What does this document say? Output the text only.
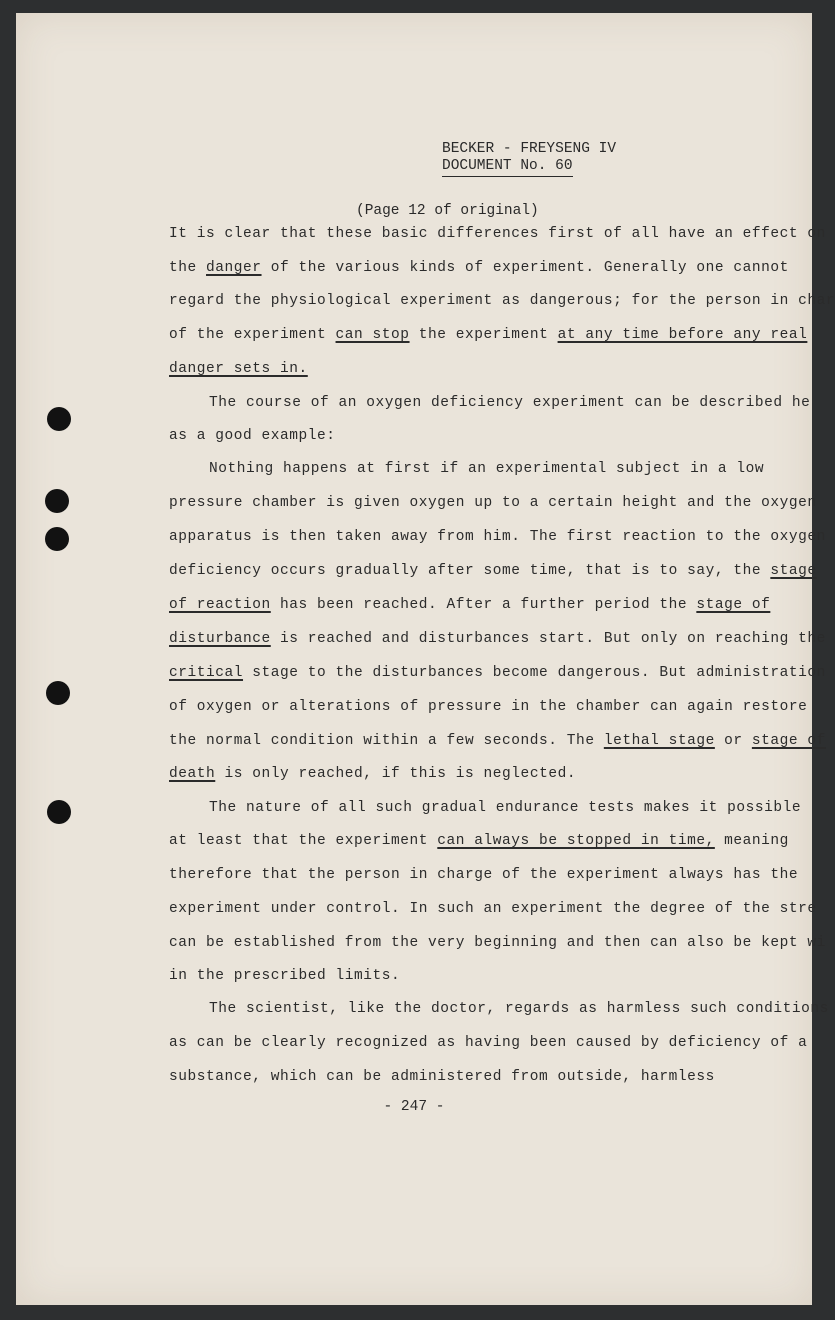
BECKER - FREYSENG IV
DOCUMENT No. 60
(Page 12 of original)
It is clear that these basic differences first of all have an effect on
the danger of the various kinds of experiment. Generally one cannot
regard the physiological experiment as dangerous; for the person in char
of the experiment can stop the experiment at any time before any real
danger sets in.
The course of an oxygen deficiency experiment can be described he
as a good example:
Nothing happens at first if an experimental subject in a low
pressure chamber is given oxygen up to a certain height and the oxygen
apparatus is then taken away from him. The first reaction to the oxygen
deficiency occurs gradually after some time, that is to say, the stage
of reaction has been reached. After a further period the stage of
disturbance is reached and disturbances start. But only on reaching the
critical stage to the disturbances become dangerous. But administration
of oxygen or alterations of pressure in the chamber can again restore
the normal condition within a few seconds. The lethal stage or stage of
death is only reached, if this is neglected.
The nature of all such gradual endurance tests makes it possible
at least that the experiment can always be stopped in time, meaning
therefore that the person in charge of the experiment always has the
experiment under control. In such an experiment the degree of the stre
can be established from the very beginning and then can also be kept wi
in the prescribed limits.
The scientist, like the doctor, regards as harmless such conditions
as can be clearly recognized as having been caused by deficiency of a
substance, which can be administered from outside, harmless
- 247 -
